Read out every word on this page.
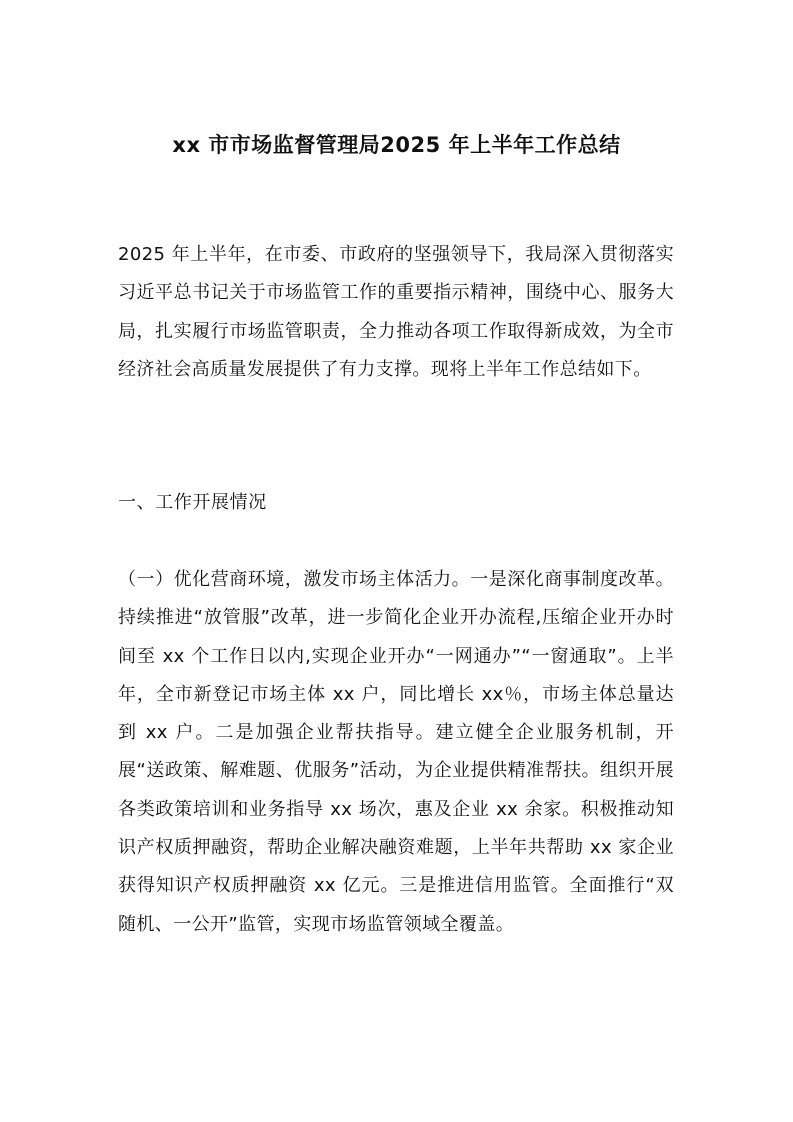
xx 市市场监督管理局2025 年上半年工作总结

2025 年上半年，在市委、市政府的坚强领导下，我局深入贯彻落实习近平总书记关于市场监管工作的重要指示精神，围绕中心、服务大局，扎实履行市场监管职责，全力推动各项工作取得新成效，为全市经济社会高质量发展提供了有力支撑。现将上半年工作总结如下。

一、工作开展情况

（一）优化营商环境，激发市场主体活力。一是深化商事制度改革。持续推进“放管服”改革，进一步简化企业开办流程,压缩企业开办时间至 xx 个工作日以内,实现企业开办“一网通办”“一窗通取”。上半年，全市新登记市场主体 xx 户，同比增长 xx％，市场主体总量达到 xx 户。二是加强企业帮扶指导。建立健全企业服务机制，开展“送政策、解难题、优服务”活动，为企业提供精准帮扶。组织开展各类政策培训和业务指导 xx 场次，惠及企业 xx 余家。积极推动知识产权质押融资，帮助企业解决融资难题，上半年共帮助 xx 家企业获得知识产权质押融资 xx 亿元。三是推进信用监管。全面推行“双随机、一公开”监管，实现市场监管领域全覆盖。
